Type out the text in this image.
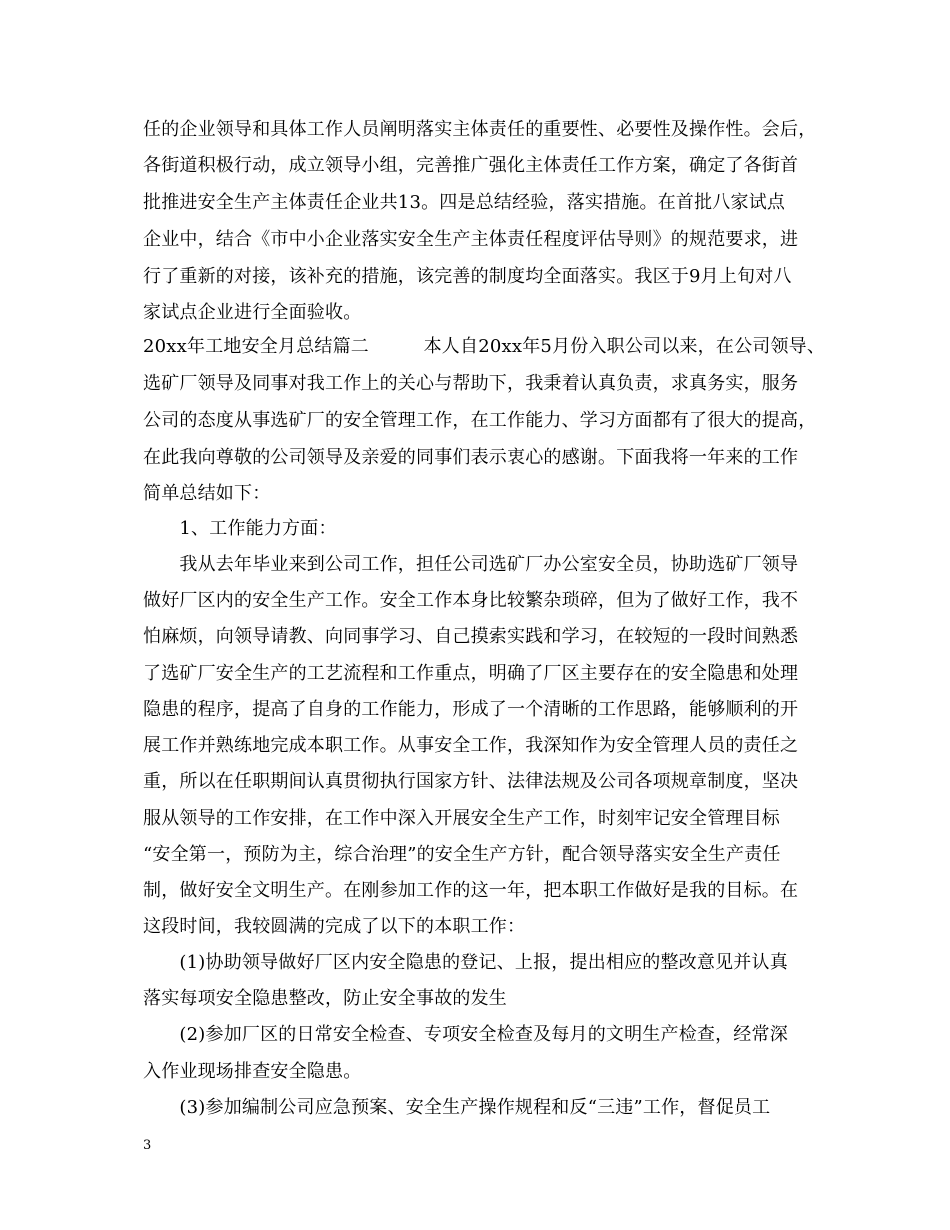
任的企业领导和具体工作人员阐明落实主体责任的重要性、必要性及操作性。会后，
各街道积极行动，成立领导小组，完善推广强化主体责任工作方案，确定了各街首
批推进安全生产主体责任企业共13。四是总结经验，落实措施。在首批八家试点
企业中，结合《市中小企业落实安全生产主体责任程度评估导则》的规范要求，进
行了重新的对接，该补充的措施，该完善的制度均全面落实。我区于9月上旬对八
家试点企业进行全面验收。
20xx年工地安全月总结篇二　　　本人自20xx年5月份入职公司以来，在公司领导、
选矿厂领导及同事对我工作上的关心与帮助下，我秉着认真负责，求真务实，服务
公司的态度从事选矿厂的安全管理工作，在工作能力、学习方面都有了很大的提高，
在此我向尊敬的公司领导及亲爱的同事们表示衷心的感谢。下面我将一年来的工作
简单总结如下：
　　1、工作能力方面：
　　我从去年毕业来到公司工作，担任公司选矿厂办公室安全员，协助选矿厂领导
做好厂区内的安全生产工作。安全工作本身比较繁杂琐碎，但为了做好工作，我不
怕麻烦，向领导请教、向同事学习、自己摸索实践和学习，在较短的一段时间熟悉
了选矿厂安全生产的工艺流程和工作重点，明确了厂区主要存在的安全隐患和处理
隐患的程序，提高了自身的工作能力，形成了一个清晰的工作思路，能够顺利的开
展工作并熟练地完成本职工作。从事安全工作，我深知作为安全管理人员的责任之
重，所以在任职期间认真贯彻执行国家方针、法律法规及公司各项规章制度，坚决
服从领导的工作安排，在工作中深入开展安全生产工作，时刻牢记安全管理目标
“安全第一，预防为主，综合治理”的安全生产方针，配合领导落实安全生产责任
制，做好安全文明生产。在刚参加工作的这一年，把本职工作做好是我的目标。在
这段时间，我较圆满的完成了以下的本职工作：
　　(1)协助领导做好厂区内安全隐患的登记、上报，提出相应的整改意见并认真
落实每项安全隐患整改，防止安全事故的发生
　　(2)参加厂区的日常安全检查、专项安全检查及每月的文明生产检查，经常深
入作业现场排查安全隐患。
　　(3)参加编制公司应急预案、安全生产操作规程和反“三违”工作，督促员工
3
